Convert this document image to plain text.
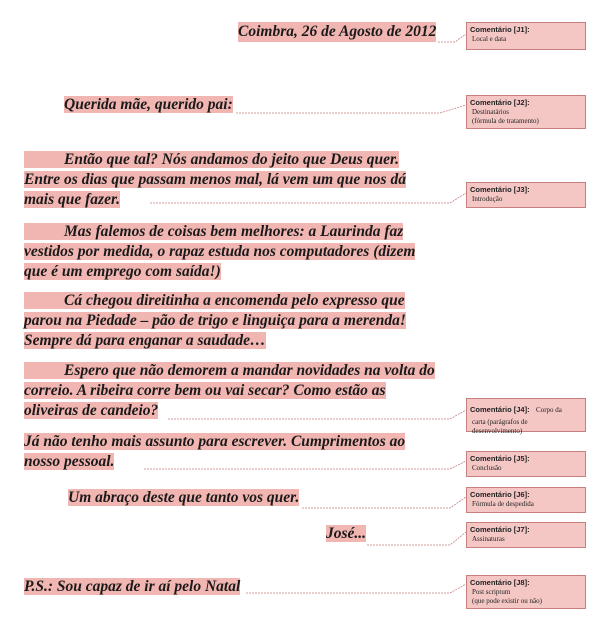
Coimbra, 26 de Agosto de 2012
Querida mãe, querido pai:
Então que tal? Nós andamos do jeito que Deus quer.
Entre os dias que passam menos mal, lá vem um que nos dá
mais que fazer.
Mas falemos de coisas bem melhores: a Laurinda faz
vestidos por medida, o rapaz estuda nos computadores (dizem
que é um emprego com saída!)
Cá chegou direitinha a encomenda pelo expresso que
parou na Piedade – pão de trigo e linguiça para a merenda!
Sempre dá para enganar a saudade…
Espero que não demorem a mandar novidades na volta do
correio. A ribeira corre bem ou vai secar? Como estão as
oliveiras de candeio?
Já não tenho mais assunto para escrever. Cumprimentos ao
nosso pessoal.
Um abraço deste que tanto vos quer.
José...
P.S.: Sou capaz de ir aí pelo Natal
Comentário [J1]:
Local e data
Comentário [J2]:
Destinatários
(fórmula de tratamento)
Comentário [J3]:
Introdução
Comentário [J4]: Corpo da
carta (parágrafos de
desenvolvimento)
Comentário [J5]:
Conclusão
Comentário [J6]:
Fórmula de despedida
Comentário [J7]:
Assinaturas
Comentário [J8]:
Post scriptum
(que pode existir ou não)
